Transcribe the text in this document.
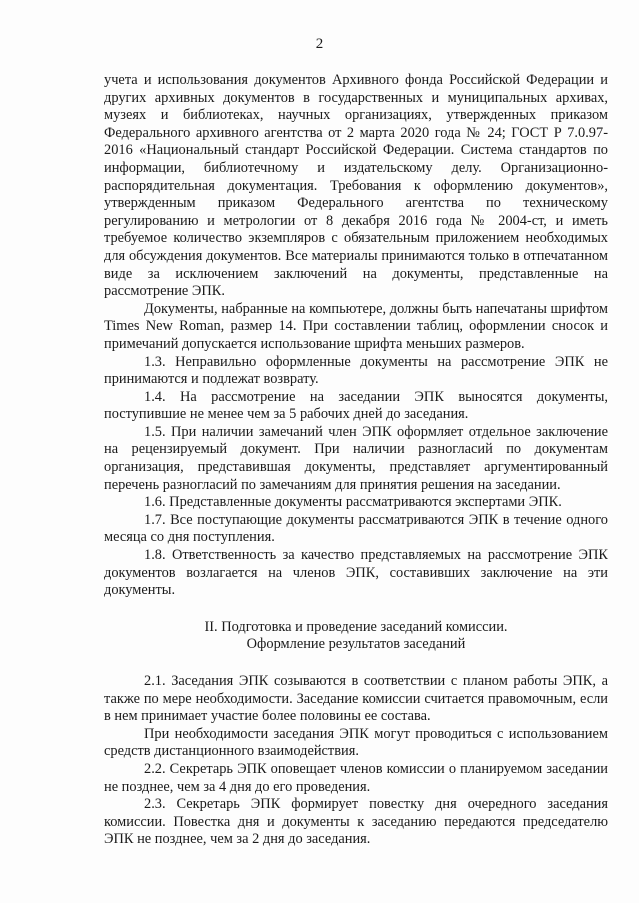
2

учета и использования документов Архивного фонда Российской Федерации и других архивных документов в государственных и муниципальных архивах, музеях и библиотеках, научных организациях, утвержденных приказом Федерального архивного агентства от 2 марта 2020 года № 24; ГОСТ Р 7.0.97-2016 «Национальный стандарт Российской Федерации. Система стандартов по информации, библиотечному и издательскому делу. Организационно-распорядительная документация. Требования к оформлению документов», утвержденным приказом Федерального агентства по техническому регулированию и метрологии от 8 декабря 2016 года № 2004-ст, и иметь требуемое количество экземпляров с обязательным приложением необходимых для обсуждения документов. Все материалы принимаются только в отпечатанном виде за исключением заключений на документы, представленные на рассмотрение ЭПК.

Документы, набранные на компьютере, должны быть напечатаны шрифтом Times New Roman, размер 14. При составлении таблиц, оформлении сносок и примечаний допускается использование шрифта меньших размеров.

1.3. Неправильно оформленные документы на рассмотрение ЭПК не принимаются и подлежат возврату.

1.4. На рассмотрение на заседании ЭПК выносятся документы, поступившие не менее чем за 5 рабочих дней до заседания.

1.5. При наличии замечаний член ЭПК оформляет отдельное заключение на рецензируемый документ. При наличии разногласий по документам организация, представившая документы, представляет аргументированный перечень разногласий по замечаниям для принятия решения на заседании.

1.6. Представленные документы рассматриваются экспертами ЭПК.

1.7. Все поступающие документы рассматриваются ЭПК в течение одного месяца со дня поступления.

1.8. Ответственность за качество представляемых на рассмотрение ЭПК документов возлагается на членов ЭПК, составивших заключение на эти документы.

II. Подготовка и проведение заседаний комиссии.

Оформление результатов заседаний

2.1. Заседания ЭПК созываются в соответствии с планом работы ЭПК, а также по мере необходимости. Заседание комиссии считается правомочным, если в нем принимает участие более половины ее состава.

При необходимости заседания ЭПК могут проводиться с использованием средств дистанционного взаимодействия.

2.2. Секретарь ЭПК оповещает членов комиссии о планируемом заседании не позднее, чем за 4 дня до его проведения.

2.3. Секретарь ЭПК формирует повестку дня очередного заседания комиссии. Повестка дня и документы к заседанию передаются председателю ЭПК не позднее, чем за 2 дня до заседания.
